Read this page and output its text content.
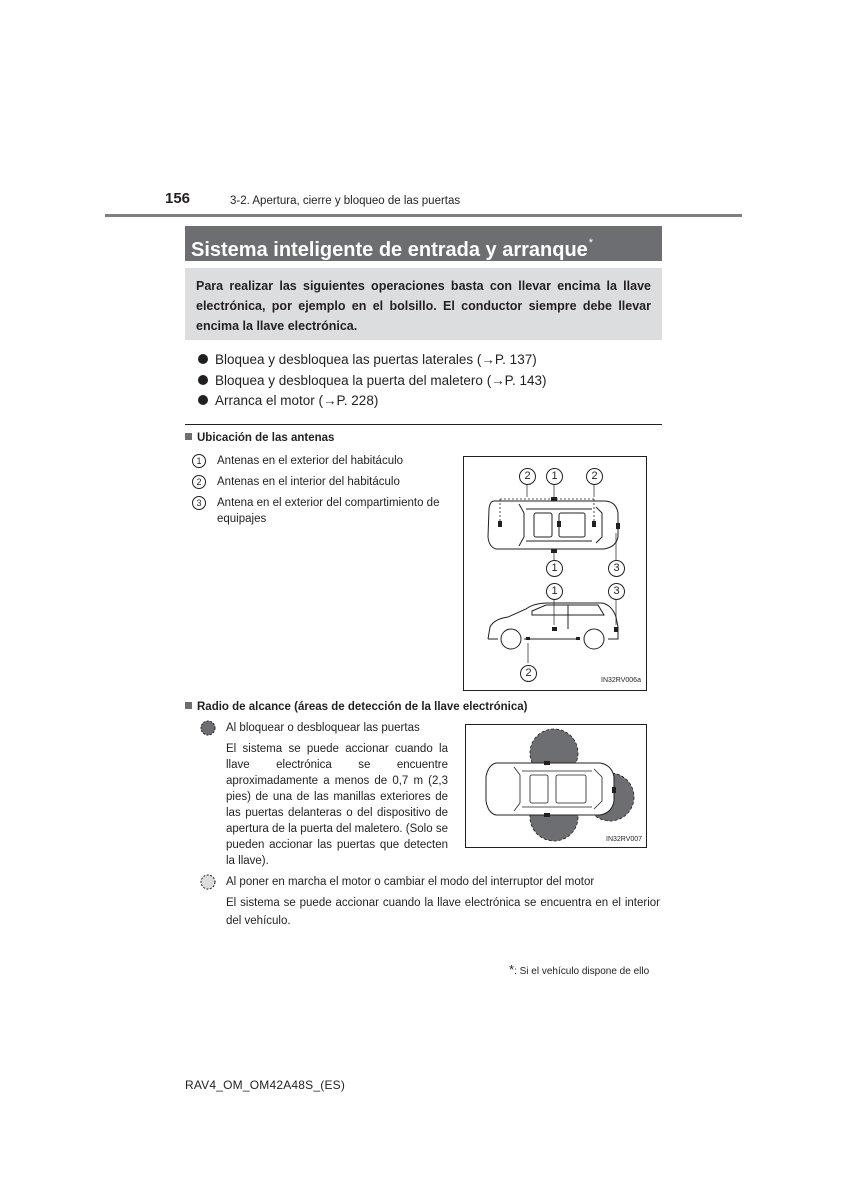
156	3-2. Apertura, cierre y bloqueo de las puertas
Sistema inteligente de entrada y arranque*
Para realizar las siguientes operaciones basta con llevar encima la llave electrónica, por ejemplo en el bolsillo. El conductor siempre debe llevar encima la llave electrónica.
Bloquea y desbloquea las puertas laterales (→P. 137)
Bloquea y desbloquea la puerta del maletero (→P. 143)
Arranca el motor (→P. 228)
Ubicación de las antenas
1	Antenas en el exterior del habitáculo
2	Antenas en el interior del habitáculo
3	Antena en el exterior del compartimiento de equipajes
2	1	2
1	3
1	3
2
IN32RV006a
Radio de alcance (áreas de detección de la llave electrónica)
Al bloquear o desbloquear las puertas
El sistema se puede accionar cuando la llave electrónica se encuentre aproximadamente a menos de 0,7 m (2,3 pies) de una de las manillas exteriores de las puertas delanteras o del dispositivo de apertura de la puerta del maletero. (Solo se pueden accionar las puertas que detecten la llave).
IN32RV007
Al poner en marcha el motor o cambiar el modo del interruptor del motor
El sistema se puede accionar cuando la llave electrónica se encuentra en el interior del vehículo.
*: Si el vehículo dispone de ello
RAV4_OM_OM42A48S_(ES)
